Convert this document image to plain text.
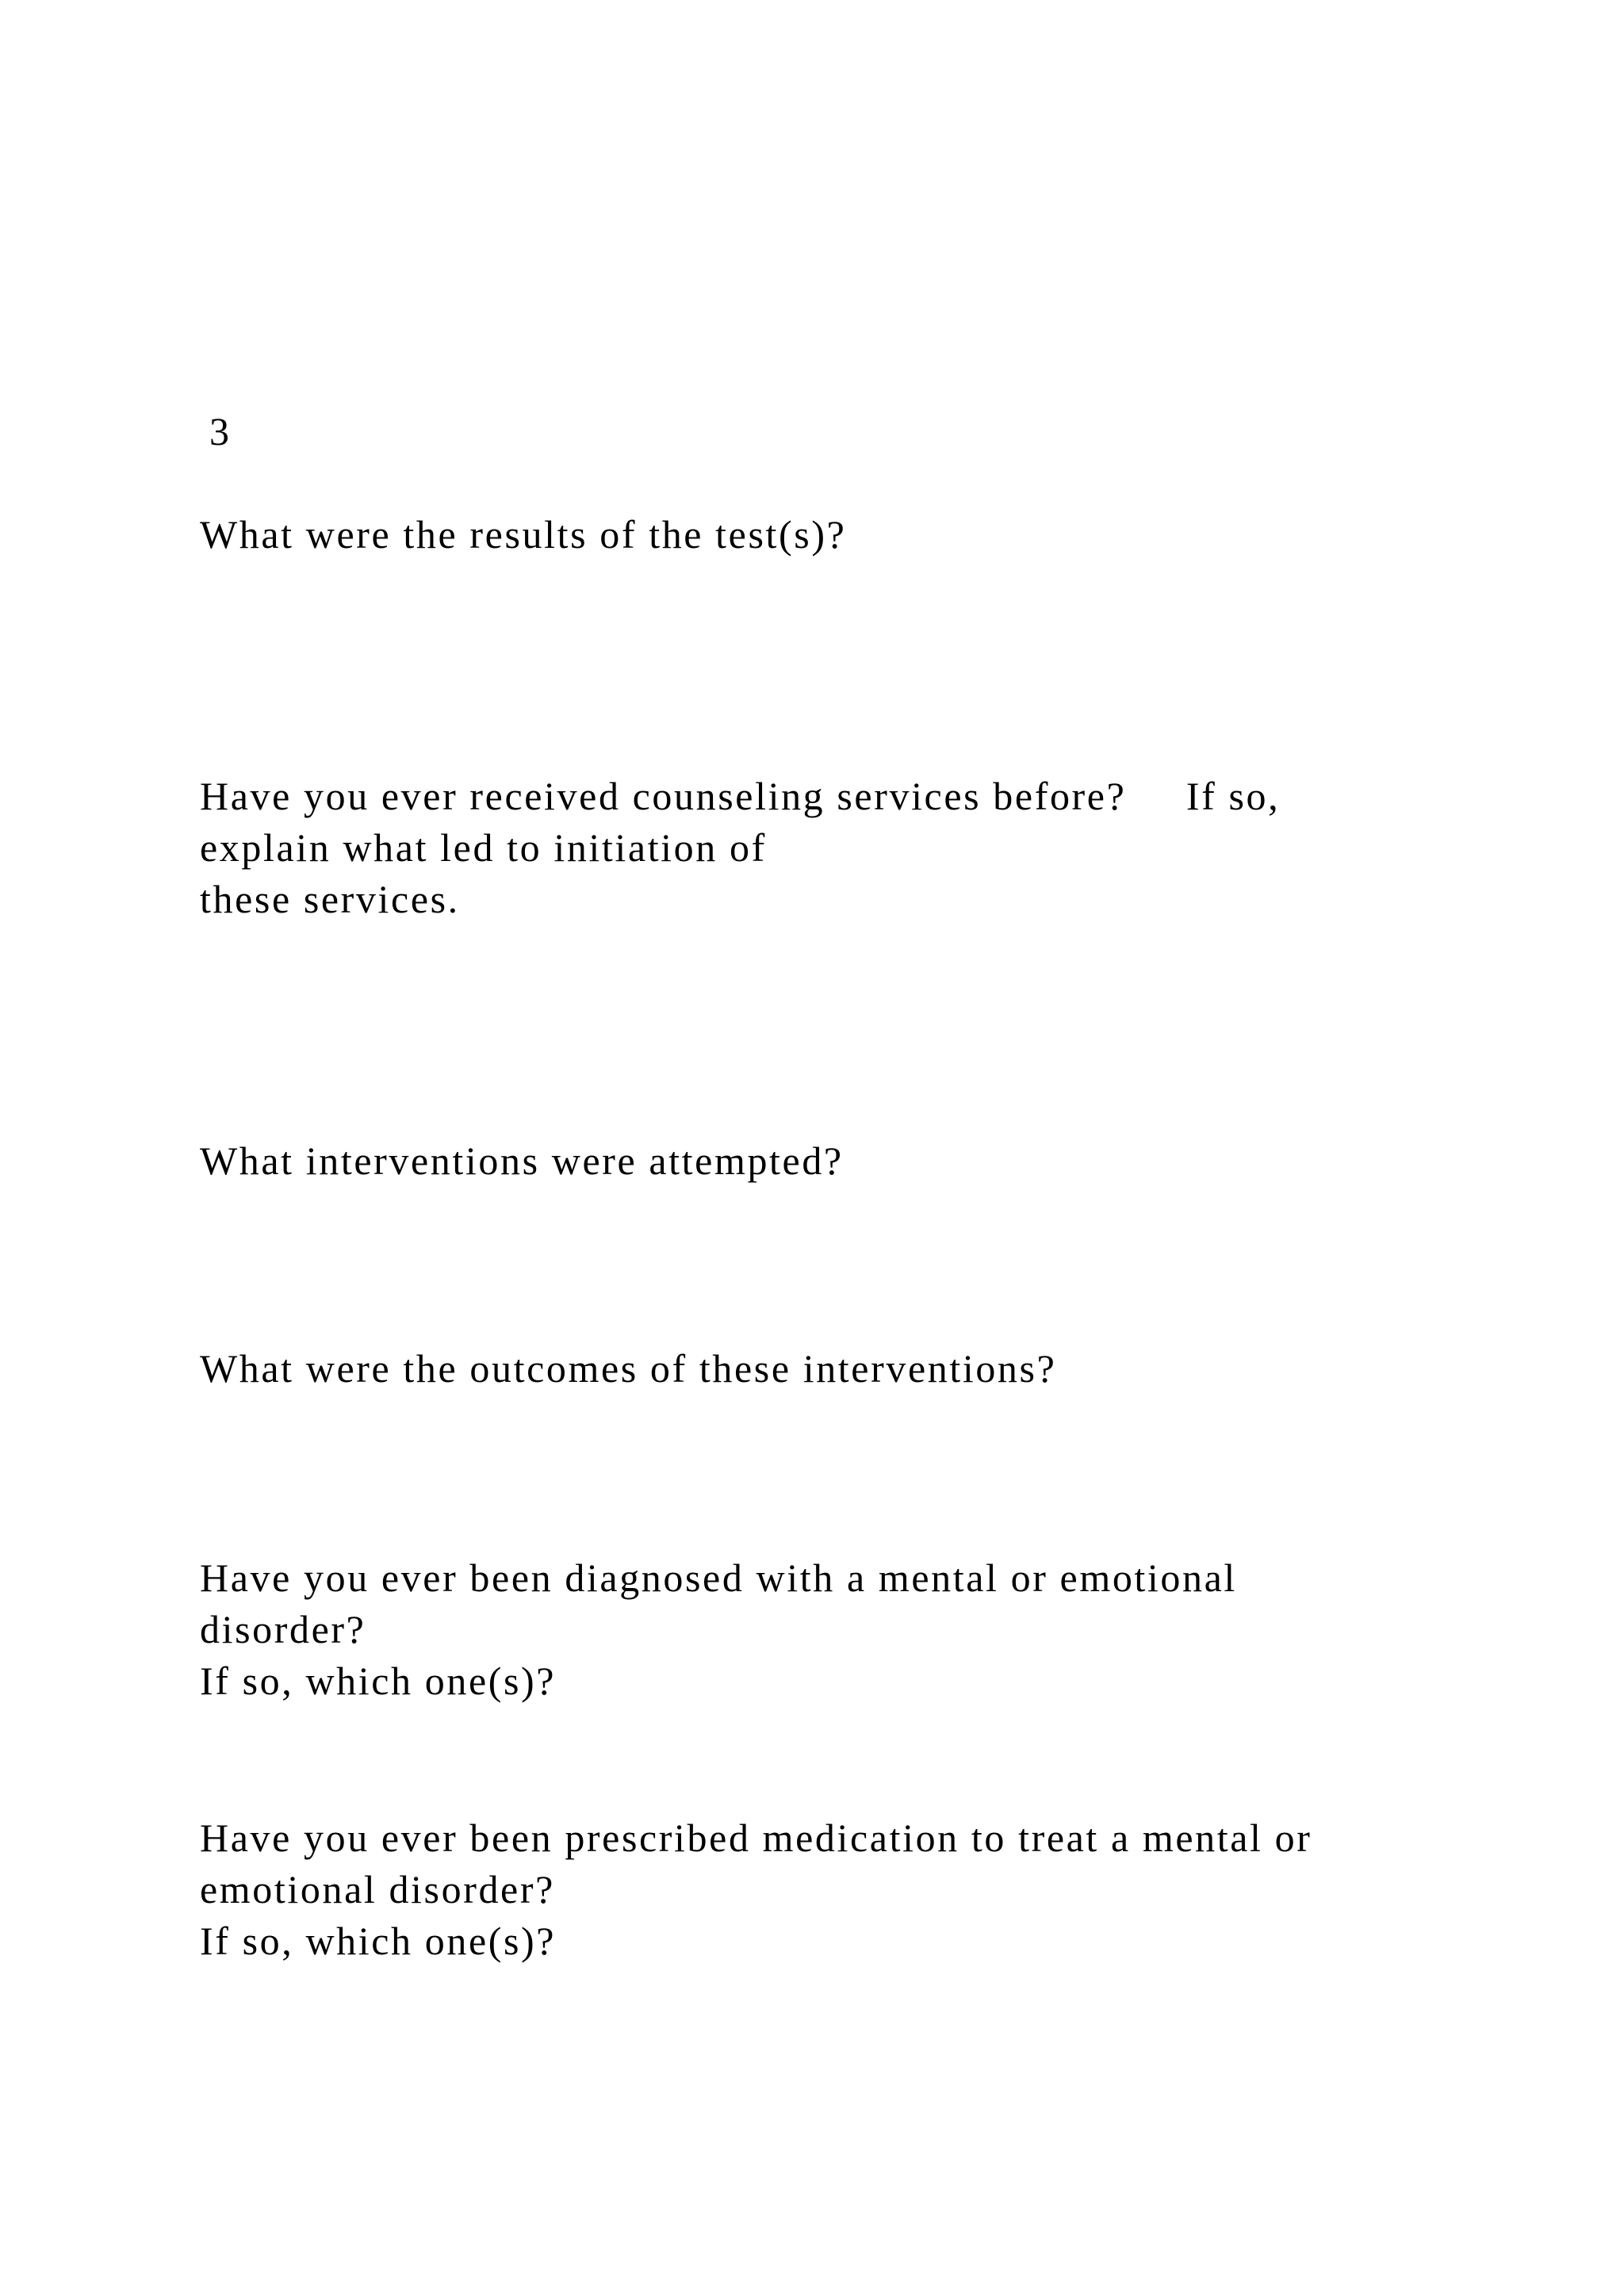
3

What were the results of the test(s)?

Have you ever received counseling services before?     If so,

explain what led to initiation of

these services.

What interventions were attempted?

What were the outcomes of these interventions?

Have you ever been diagnosed with a mental or emotional

disorder?

If so, which one(s)?

Have you ever been prescribed medication to treat a mental or

emotional disorder?

If so, which one(s)?
